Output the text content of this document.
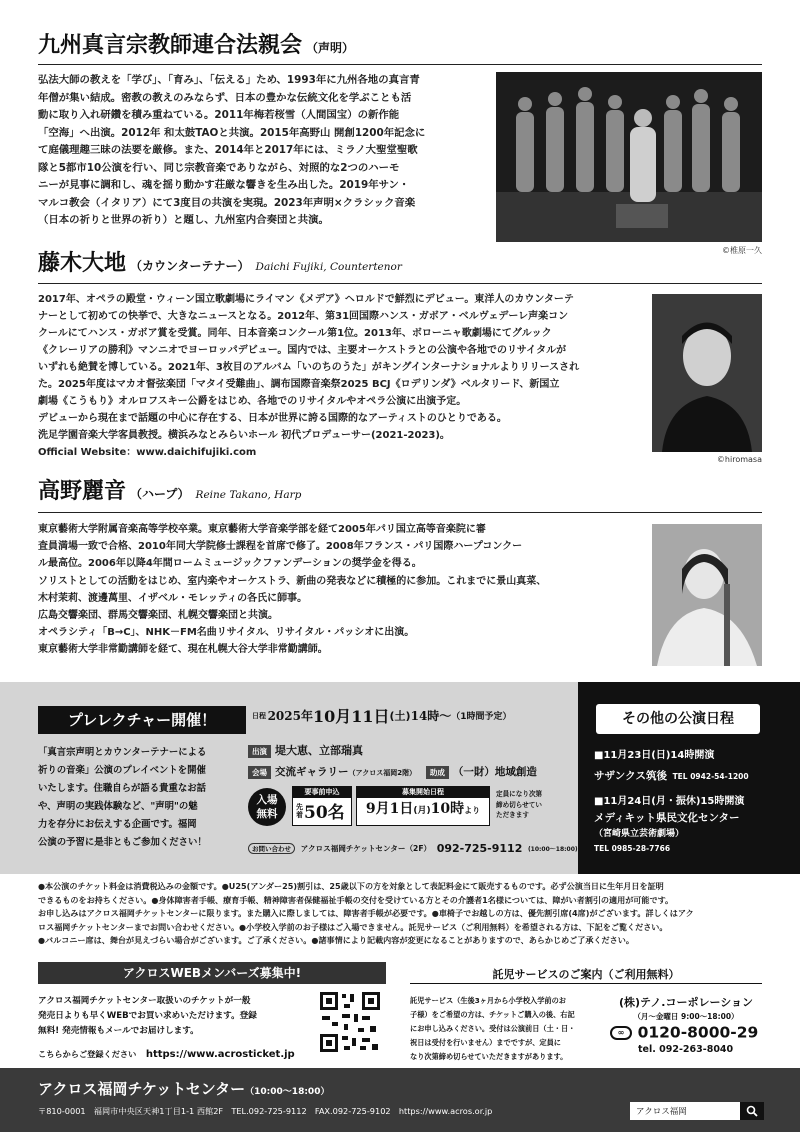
九州真言宗教師連合法親会 （声明）

弘法大師の教えを「学び」、「育み」、「伝える」ため、1993年に九州各地の真言青

年僧が集い結成。密教の教えのみならず、日本の豊かな伝統文化を学ぶことも活

動に取り入れ研鑽を積み重ねている。2011年梅若桜雪（人間国宝）の新作能

「空海」へ出演。2012年 和太鼓TAOと共演。2015年高野山 開創1200年記念に

て庭儀理趣三昧の法要を厳修。また、2014年と2017年には、ミラノ大聖堂聖歌

隊と5都市10公演を行い、同じ宗教音楽でありながら、対照的な2つのハーモ

ニーが見事に調和し、魂を揺り動かす荘厳な響きを生み出した。2019年サン・

マルコ教会（イタリア）にて3度目の共演を実現。2023年声明×クラシック音楽

（日本の祈りと世界の祈り）と題し、九州室内合奏団と共演。

©椎原一久
藤木大地 （カウンターテナー） Daichi Fujiki, Countertenor

2017年、オペラの殿堂・ウィーン国立歌劇場にライマン《メデア》ヘロルドで鮮烈にデビュー。東洋人のカウンターテ

ナーとして初めての快挙で、大きなニュースとなる。2012年、第31回国際ハンス・ガボア・ベルヴェデーレ声楽コン

クールにてハンス・ガボア賞を受賞。同年、日本音楽コンクール第1位。2013年、ボローニャ歌劇場にてグルック

《クレーリアの勝利》マンニオでヨーロッパデビュー。国内では、主要オーケストラとの公演や各地でのリサイタルが

いずれも絶賛を博している。2021年、3枚目のアルバム「いのちのうた」がキングインターナショナルよりリリースされ

た。2025年度はマカオ督弦楽団「マタイ受難曲」、調布国際音楽祭2025 BCJ《ロデリンダ》ベルタリード、新国立

劇場《こうもり》オルロフスキー公爵をはじめ、各地でのリサイタルやオペラ公演に出演予定。

デビューから現在まで話題の中心に存在する、日本が世界に誇る国際的なアーティストのひとりである。

洗足学園音楽大学客員教授。横浜みなとみらいホール 初代プロデューサー(2021-2023)。

Official Website：www.daichifujiki.com

©hiromasa
高野麗音 （ハープ） Reine Takano, Harp

東京藝術大学附属音楽高等学校卒業。東京藝術大学音楽学部を経て2005年パリ国立高等音楽院に審

査員満場一致で合格、2010年同大学院修士課程を首席で修了。2008年フランス・パリ国際ハープコンクー

ル最高位。2006年以降4年間ロームミュージックファンデーションの奨学金を得る。

ソリストとしての活動をはじめ、室内楽やオーケストラ、新曲の発表などに積極的に参加。これまでに景山真菜、

木村茉莉、渡邊萬里、イザベル・モレッティの各氏に師事。

広島交響楽団、群馬交響楽団、札幌交響楽団と共演。

オペラシティ「B→C」、NHK－FM名曲リサイタル、リサイタル・パッシオに出演。

東京藝術大学非常勤講師を経て、現在札幌大谷大学非常勤講師。

プレレクチャー開催！	日程 2025年10月11日(土)14時〜（1時間予定）

「真言宗声明とカウンターテナーによる

祈りの音楽」公演のプレイベントを開催

いたします。住職自らが語る貴重なお話

や、声明の実践体験など、"声明"の魅

力を存分にお伝えする企画です。福岡

公演の予習に是非ともご参加ください！

出演 堤大恵、立部瑞真
会場 交流ギャラリー（アクロス福岡2階） 助成 （一財）地域創造
入場
無料
要事前申込
先
着50名
募集開始日程
9月1日(月)10時より

定員になり次第

締め切らせてい

ただきます

お問い合わせ アクロス福岡チケットセンター（2F） 092-725-9112 (10:00〜18:00)
その他の公演日程
■11月23日(日)14時開演
サザンクス筑後 TEL 0942-54-1200
■11月24日(月・振休)15時開演
メディキット県民文化センター
（宮崎県立芸術劇場）
TEL 0985-28-7766

●本公演のチケット料金は消費税込みの金額です。●U25(アンダー25)割引は、25歳以下の方を対象として表記料金にて販売するものです。必ず公演当日に生年月日を証明

できるものをお持ちください。●身体障害者手帳、療育手帳、精神障害者保健福祉手帳の交付を受けている方とその介護者1名様については、障がい者割引の適用が可能です。

お申し込みはアクロス福岡チケットセンターに限ります。また購入に際しましては、障害者手帳が必要です。●車椅子でお越しの方は、優先割引席(4席)がございます。詳しくはアク

ロス福岡チケットセンターまでお問い合わせください。●小学校入学前のお子様はご入場できません。託児サービス（ご利用無料）を希望される方は、下記をご覧ください。

●バルコニー席は、舞台が見えづらい場合がございます。ご了承ください。●諸事情により記載内容が変更になることがありますので、あらかじめご了承ください。

アクロスWEBメンバーズ募集中!

アクロス福岡チケットセンター取扱いのチケットが一般

発売日よりも早くWEBでお買い求めいただけます。登録

無料! 発売情報もメールでお届けします。

こちらからご登録ください https://www.acrosticket.jp
託児サービスのご案内（ご利用無料）

託児サービス（生後3ヶ月から小学校入学前のお

子様）をご希望の方は、チケットご購入の後、右記

にお申し込みください。受付は公演前日（土・日・

祝日は受付を行いません）までですが、定員に

なり次第締め切らせていただきますがあります。

(株)テノ.コーポレーション
（月〜金曜日 9:00〜18:00）
∞ 0120-8000-29
tel. 092-263-8040
アクロス福岡チケットセンター（10:00〜18:00）
〒810-0001　福岡市中央区天神1丁目1-1 西館2F　TEL.092-725-9112　FAX.092-725-9102　https://www.acros.or.jp	アクロス福岡
